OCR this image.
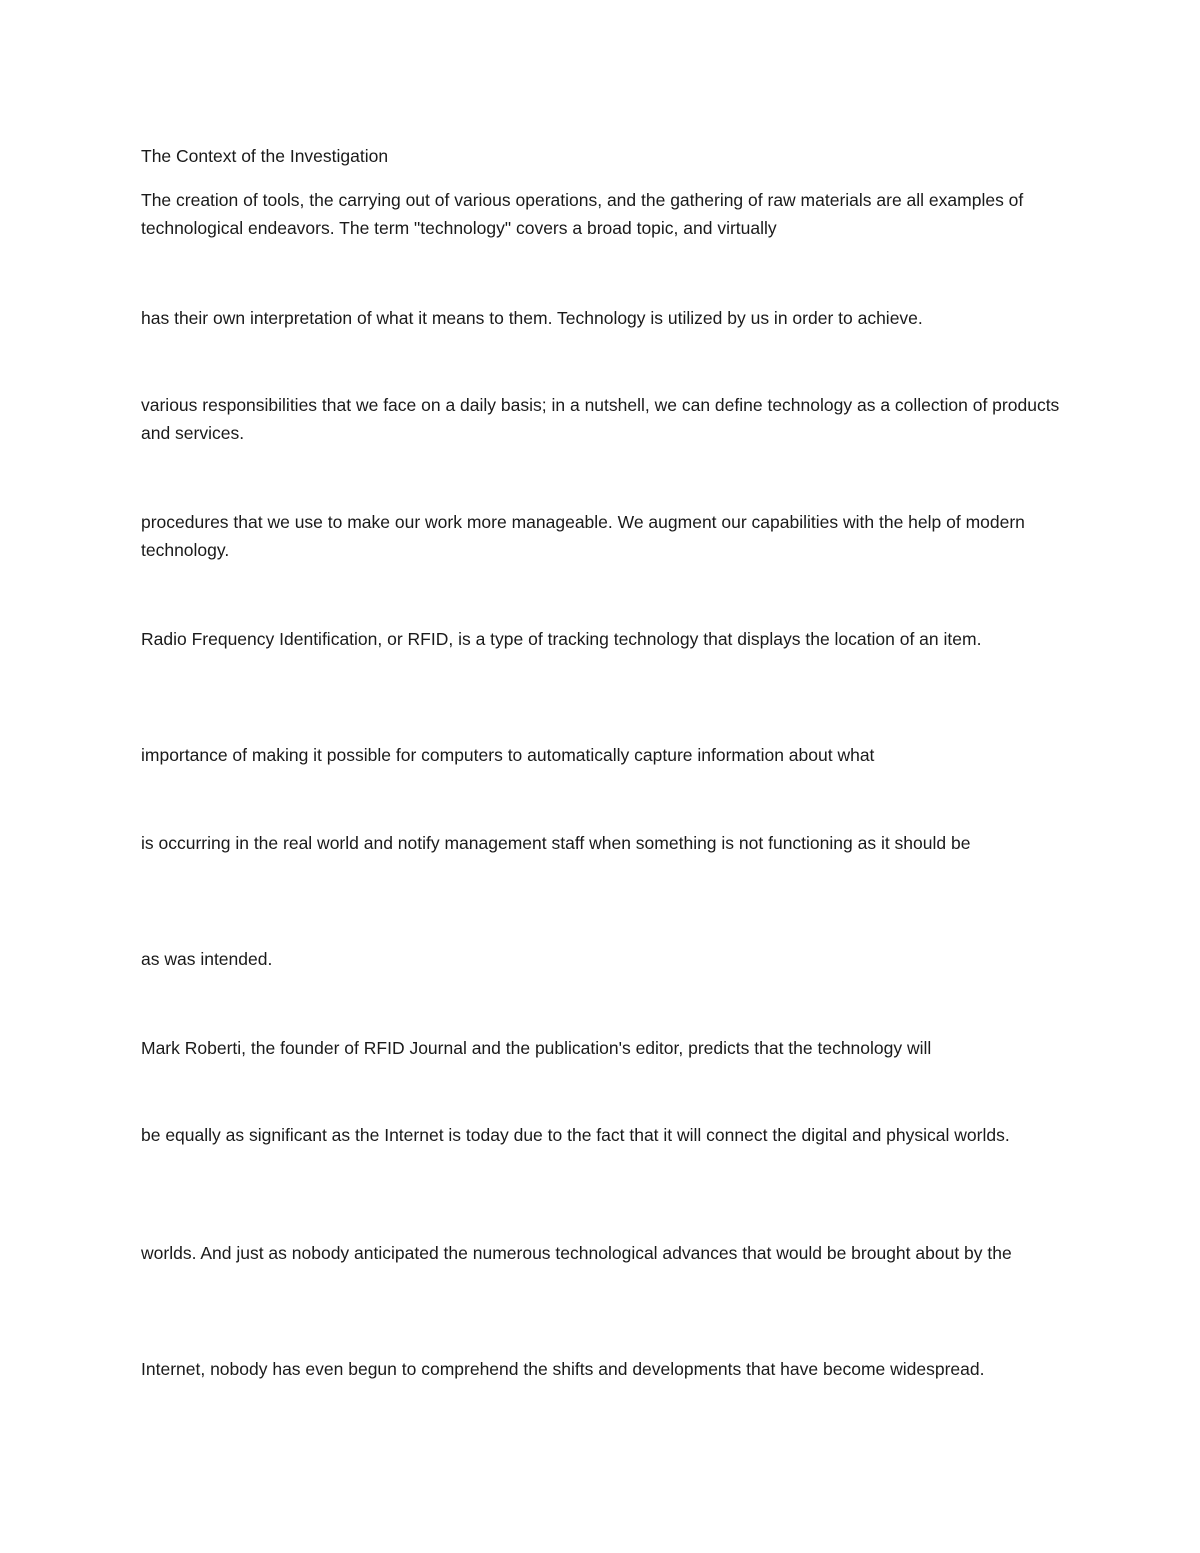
The Context of the Investigation

The creation of tools, the carrying out of various operations, and the gathering of raw materials are all examples of technological endeavors. The term "technology" covers a broad topic, and virtually

has their own interpretation of what it means to them. Technology is utilized by us in order to achieve.

various responsibilities that we face on a daily basis; in a nutshell, we can define technology as a collection of products and services.

procedures that we use to make our work more manageable. We augment our capabilities with the help of modern technology.

Radio Frequency Identification, or RFID, is a type of tracking technology that displays the location of an item.

importance of making it possible for computers to automatically capture information about what

is occurring in the real world and notify management staff when something is not functioning as it should be

as was intended.

Mark Roberti, the founder of RFID Journal and the publication's editor, predicts that the technology will

be equally as significant as the Internet is today due to the fact that it will connect the digital and physical worlds.

worlds. And just as nobody anticipated the numerous technological advances that would be brought about by the

Internet, nobody has even begun to comprehend the shifts and developments that have become widespread.
